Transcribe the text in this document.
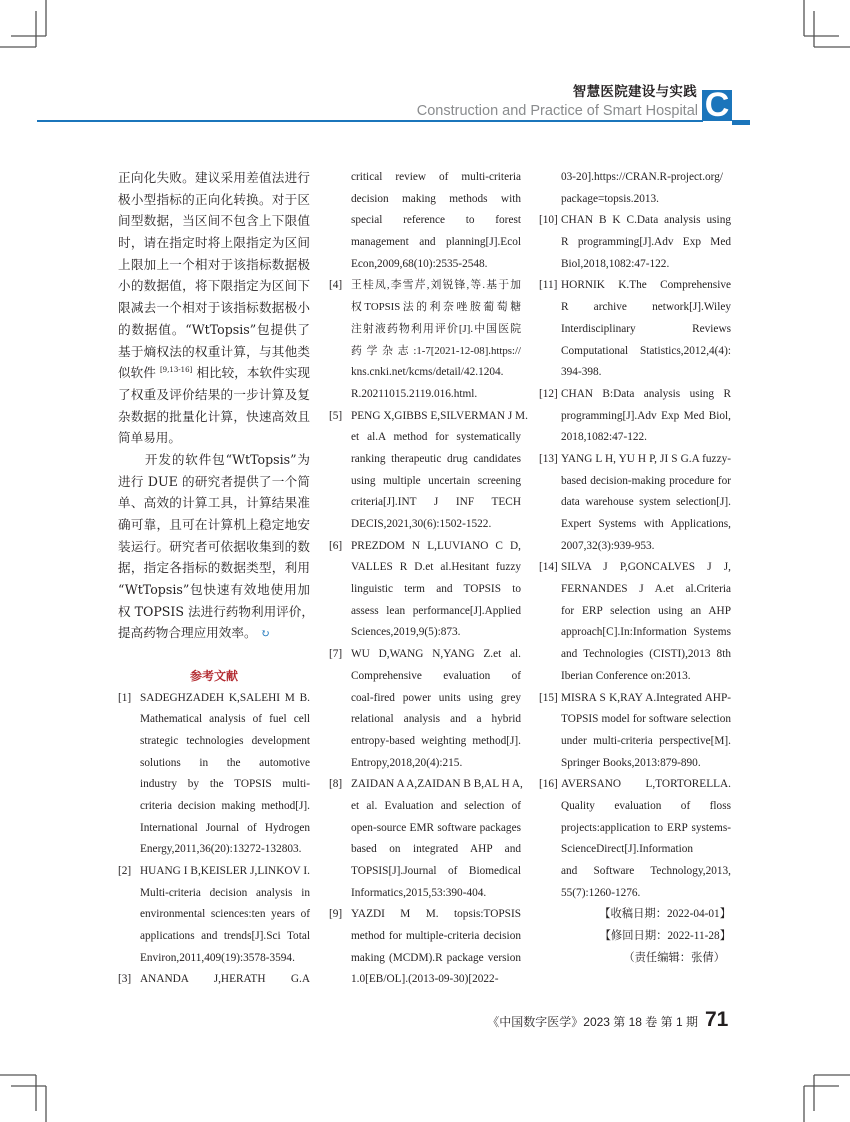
智慧医院建设与实践
Construction and Practice of Smart Hospital C
正向化失败。建议采用差值法进行
极小型指标的正向化转换。对于区
间型数据，当区间不包含上下限值
时，请在指定时将上限指定为区间
上限加上一个相对于该指标数据极
小的数据值，将下限指定为区间下
限减去一个相对于该指标数据极小
的数据值。“WtTopsis”包提供了
基于熵权法的权重计算，与其他类
似软件 [9,13-16] 相比较，本软件实现
了权重及评价结果的一步计算及复
杂数据的批量化计算，快速高效且
简单易用。
　　开发的软件包“WtTopsis”为
进行 DUE 的研究者提供了一个简
单、高效的计算工具，计算结果准
确可靠，且可在计算机上稳定地安
装运行。研究者可依据收集到的数
据，指定各指标的数据类型，利用
“WtTopsis”包快速有效地使用加
权 TOPSIS 法进行药物利用评价，
提高药物合理应用效率。 ↻
参考文献
[1] SADEGHZADEH K,SALEHI M B.
Mathematical analysis of fuel cell
strategic technologies development
solutions in the automotive
industry by the TOPSIS multi-
criteria decision making method[J].
International Journal of Hydrogen
Energy,2011,36(20):13272-132803.
[2] HUANG I B,KEISLER J,LINKOV I.
Multi-criteria decision analysis in
environmental sciences:ten years of
applications and trends[J].Sci Total
Environ,2011,409(19):3578-3594.
[3] ANANDA J,HERATH G.A
critical review of multi-criteria
decision making methods with
special reference to forest
management and planning[J].Ecol
Econ,2009,68(10):2535-2548.
[4] 王桂凤,李雪芹,刘锐锋,等.基于加
权TOPSIS法的利奈唑胺葡萄糖
注射液药物利用评价[J].中国医院
药学杂志:1-7[2021-12-08].https://
kns.cnki.net/kcms/detail/42.1204.
R.20211015.2119.016.html.
[5] PENG X,GIBBS E,SILVERMAN J M.
et al.A method for systematically
ranking therapeutic drug candidates
using multiple uncertain screening
criteria[J].INT J INF TECH
DECIS,2021,30(6):1502-1522.
[6] PREZDOM N L,LUVIANO C D,
VALLES R D.et al.Hesitant fuzzy
linguistic term and TOPSIS to
assess lean performance[J].Applied
Sciences,2019,9(5):873.
[7] WU D,WANG N,YANG Z.et al.
Comprehensive evaluation of
coal-fired power units using grey
relational analysis and a hybrid
entropy-based weighting method[J].
Entropy,2018,20(4):215.
[8] ZAIDAN A A,ZAIDAN B B,AL H A,
et al. Evaluation and selection of
open-source EMR software packages
based on integrated AHP and
TOPSIS[J].Journal of Biomedical
Informatics,2015,53:390-404.
[9] YAZDI M M. topsis:TOPSIS
method for multiple-criteria decision
making (MCDM).R package version
1.0[EB/OL].(2013-09-30)[2022-
03-20].https://CRAN.R-project.org/
package=topsis.2013.
[10] CHAN B K C.Data analysis using
R programming[J].Adv Exp Med
Biol,2018,1082:47-122.
[11] HORNIK K.The Comprehensive
R archive network[J].Wiley
Interdisciplinary Reviews
Computational Statistics,2012,4(4):
394-398.
[12] CHAN B:Data analysis using R
programming[J].Adv Exp Med Biol,
2018,1082:47-122.
[13] YANG L H, YU H P, JI S G.A fuzzy-
based decision-making procedure for
data warehouse system selection[J].
Expert Systems with Applications,
2007,32(3):939-953.
[14] SILVA J P,GONCALVES J J,
FERNANDES J A.et al.Criteria
for ERP selection using an AHP
approach[C].In:Information Systems
and Technologies (CISTI),2013 8th
Iberian Conference on:2013.
[15] MISRA S K,RAY A.Integrated AHP-
TOPSIS model for software selection
under multi-criteria perspective[M].
Springer Books,2013:879-890.
[16] AVERSANO L,TORTORELLA.
Quality evaluation of floss
projects:application to ERP systems-
ScienceDirect[J].Information
and Software Technology,2013,
55(7):1260-1276.
【收稿日期：2022-04-01】
【修回日期：2022-11-28】
（责任编辑：张倩）
《中国数字医学》2023 第 18 卷 第 1 期 71
